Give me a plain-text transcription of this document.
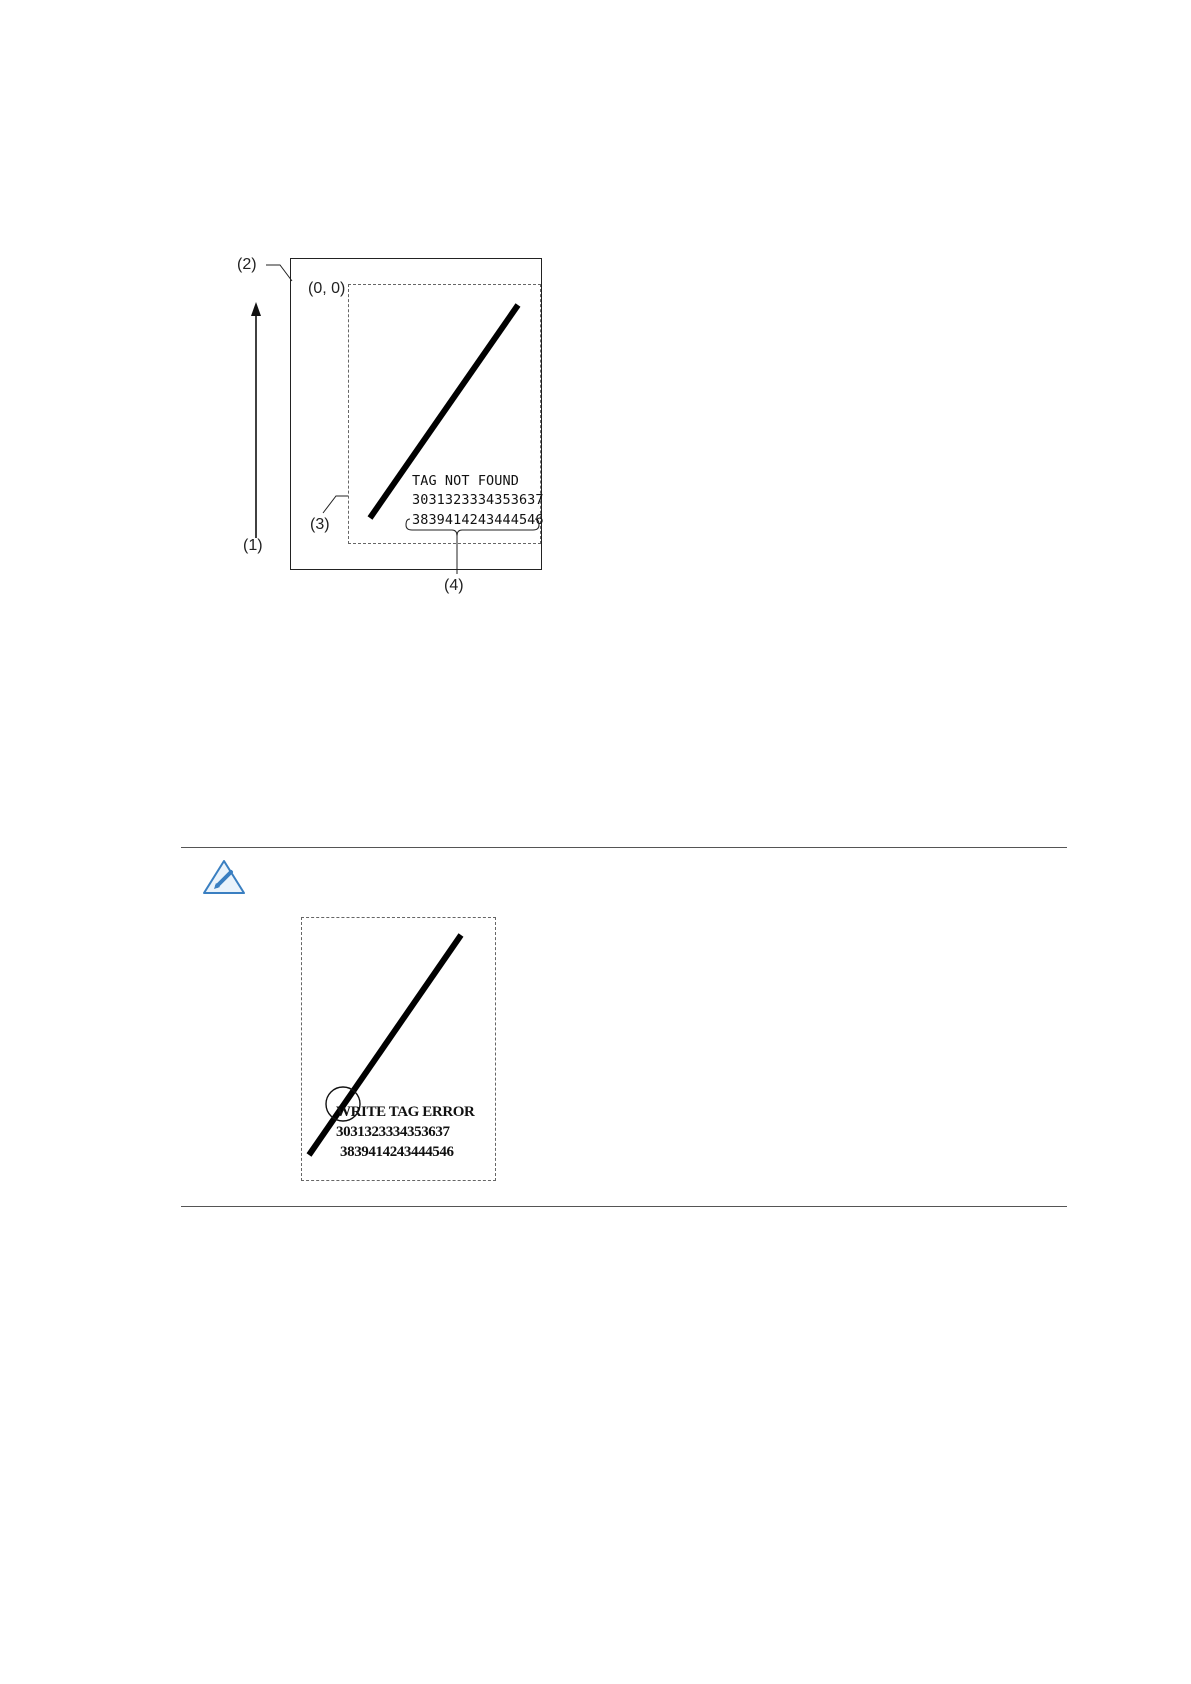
(2)
(0, 0)
(3)
(1)
(4)
TAG NOT FOUND
3031323334353637
3839414243444546
WRITE TAG ERROR
3031323334353637
3839414243444546
